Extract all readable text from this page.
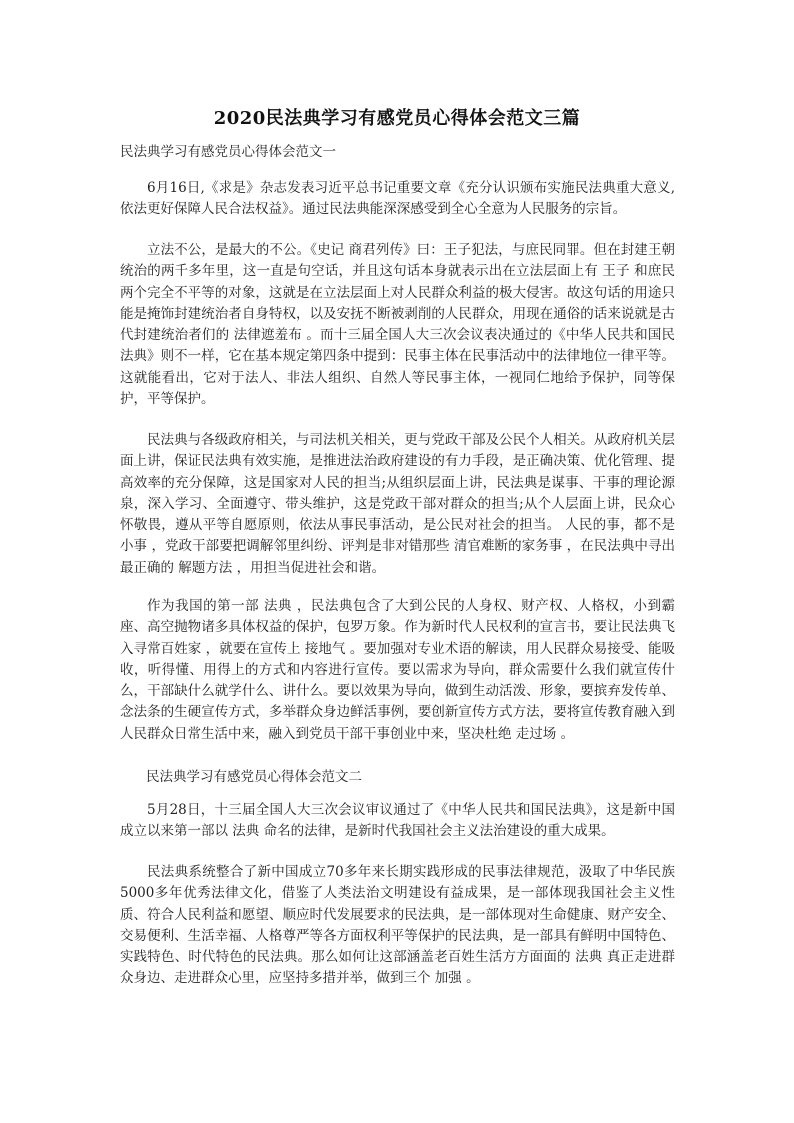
2020民法典学习有感党员心得体会范文三篇
民法典学习有感党员心得体会范文一

6月16日,《求是》杂志发表习近平总书记重要文章《充分认识颁布实施民法典重大意义,依法更好保障人民合法权益》。通过民法典能深深感受到全心全意为人民服务的宗旨。

立法不公，是最大的不公。《史记 商君列传》曰：王子犯法，与庶民同罪。但在封建王朝统治的两千多年里，这一直是句空话，并且这句话本身就表示出在立法层面上有 王子 和庶民 两个完全不平等的对象，这就是在立法层面上对人民群众利益的极大侵害。故这句话的用途只能是掩饰封建统治者自身特权，以及安抚不断被剥削的人民群众，用现在通俗的话来说就是古代封建统治者们的 法律遮羞布 。而十三届全国人大三次会议表决通过的《中华人民共和国民法典》则不一样，它在基本规定第四条中提到：民事主体在民事活动中的法律地位一律平等。这就能看出，它对于法人、非法人组织、自然人等民事主体，一视同仁地给予保护，同等保护，平等保护。

民法典与各级政府相关，与司法机关相关，更与党政干部及公民个人相关。从政府机关层面上讲，保证民法典有效实施，是推进法治政府建设的有力手段，是正确决策、优化管理、提高效率的充分保障，这是国家对人民的担当;从组织层面上讲，民法典是谋事、干事的理论源泉，深入学习、全面遵守、带头维护，这是党政干部对群众的担当;从个人层面上讲，民众心怀敬畏，遵从平等自愿原则，依法从事民事活动，是公民对社会的担当。 人民的事，都不是小事 ，党政干部要把调解邻里纠纷、评判是非对错那些 清官难断的家务事 ，在民法典中寻出最正确的 解题方法 ，用担当促进社会和谐。

作为我国的第一部 法典 ，民法典包含了大到公民的人身权、财产权、人格权，小到霸座、高空抛物诸多具体权益的保护，包罗万象。作为新时代人民权利的宣言书，要让民法典飞入寻常百姓家 ，就要在宣传上 接地气 。要加强对专业术语的解读，用人民群众易接受、能吸收，听得懂、用得上的方式和内容进行宣传。要以需求为导向，群众需要什么我们就宣传什么，干部缺什么就学什么、讲什么。要以效果为导向，做到生动活泼、形象，要摈弃发传单、念法条的生硬宣传方式，多举群众身边鲜活事例，要创新宣传方式方法，要将宣传教育融入到人民群众日常生活中来，融入到党员干部干事创业中来，坚决杜绝 走过场 。

民法典学习有感党员心得体会范文二

5月28日，十三届全国人大三次会议审议通过了《中华人民共和国民法典》，这是新中国成立以来第一部以 法典 命名的法律，是新时代我国社会主义法治建设的重大成果。

民法典系统整合了新中国成立70多年来长期实践形成的民事法律规范，汲取了中华民族5000多年优秀法律文化，借鉴了人类法治文明建设有益成果，是一部体现我国社会主义性质、符合人民利益和愿望、顺应时代发展要求的民法典，是一部体现对生命健康、财产安全、交易便利、生活幸福、人格尊严等各方面权利平等保护的民法典，是一部具有鲜明中国特色、实践特色、时代特色的民法典。那么如何让这部涵盖老百姓生活方方面面的 法典 真正走进群众身边、走进群众心里，应坚持多措并举，做到三个 加强 。
